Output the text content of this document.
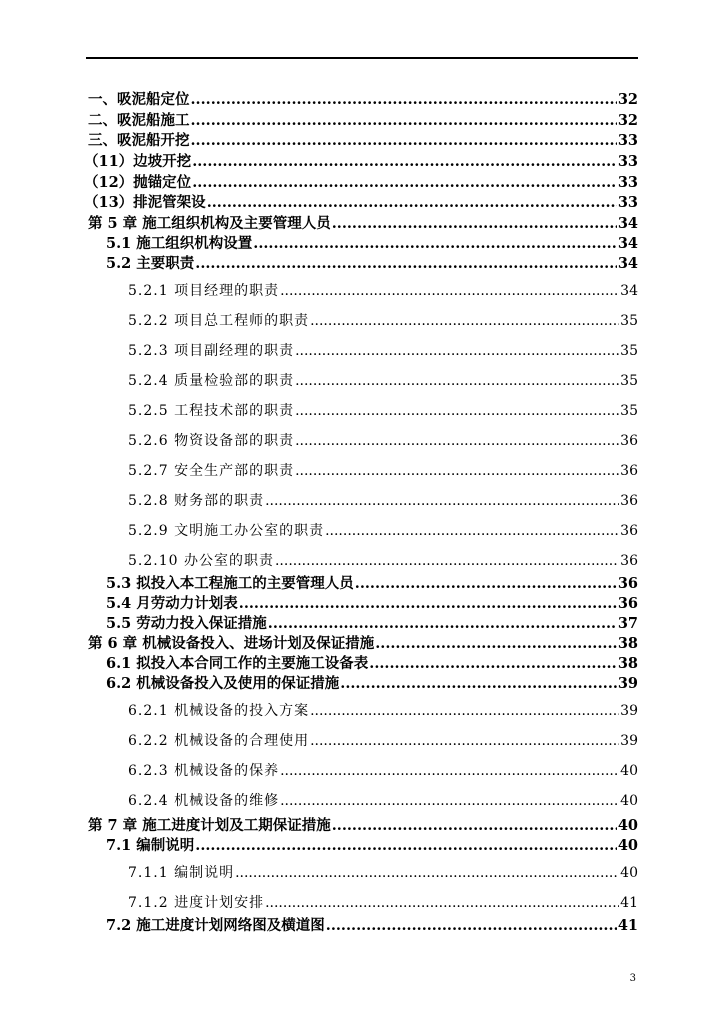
一、吸泥船定位 .....	32
二、吸泥船施工 .....	32
三、吸泥船开挖 .....	33
（11）边坡开挖 .....	33
（12）抛锚定位 .....	33
（13）排泥管架设 .....	33
第 5 章 施工组织机构及主要管理人员 .....	34
5.1 施工组织机构设置 .....	34
5.2 主要职责 .....	34
5.2.1 项目经理的职责 .....	34
5.2.2 项目总工程师的职责 .....	35
5.2.3 项目副经理的职责 .....	35
5.2.4 质量检验部的职责 .....	35
5.2.5 工程技术部的职责 .....	35
5.2.6 物资设备部的职责 .....	36
5.2.7 安全生产部的职责 .....	36
5.2.8 财务部的职责 .....	36
5.2.9 文明施工办公室的职责 .....	36
5.2.10 办公室的职责 .....	36
5.3 拟投入本工程施工的主要管理人员 .....	36
5.4 月劳动力计划表 .....	36
5.5 劳动力投入保证措施 .....	37
第 6 章 机械设备投入、进场计划及保证措施 .....	38
6.1 拟投入本合同工作的主要施工设备表 .....	38
6.2 机械设备投入及使用的保证措施 .....	39
6.2.1 机械设备的投入方案 .....	39
6.2.2 机械设备的合理使用 .....	39
6.2.3 机械设备的保养 .....	40
6.2.4 机械设备的维修 .....	40
第 7 章 施工进度计划及工期保证措施 .....	40
7.1 编制说明 .....	40
7.1.1 编制说明 .....	40
7.1.2 进度计划安排 .....	41
7.2 施工进度计划网络图及横道图 .....	41
3
